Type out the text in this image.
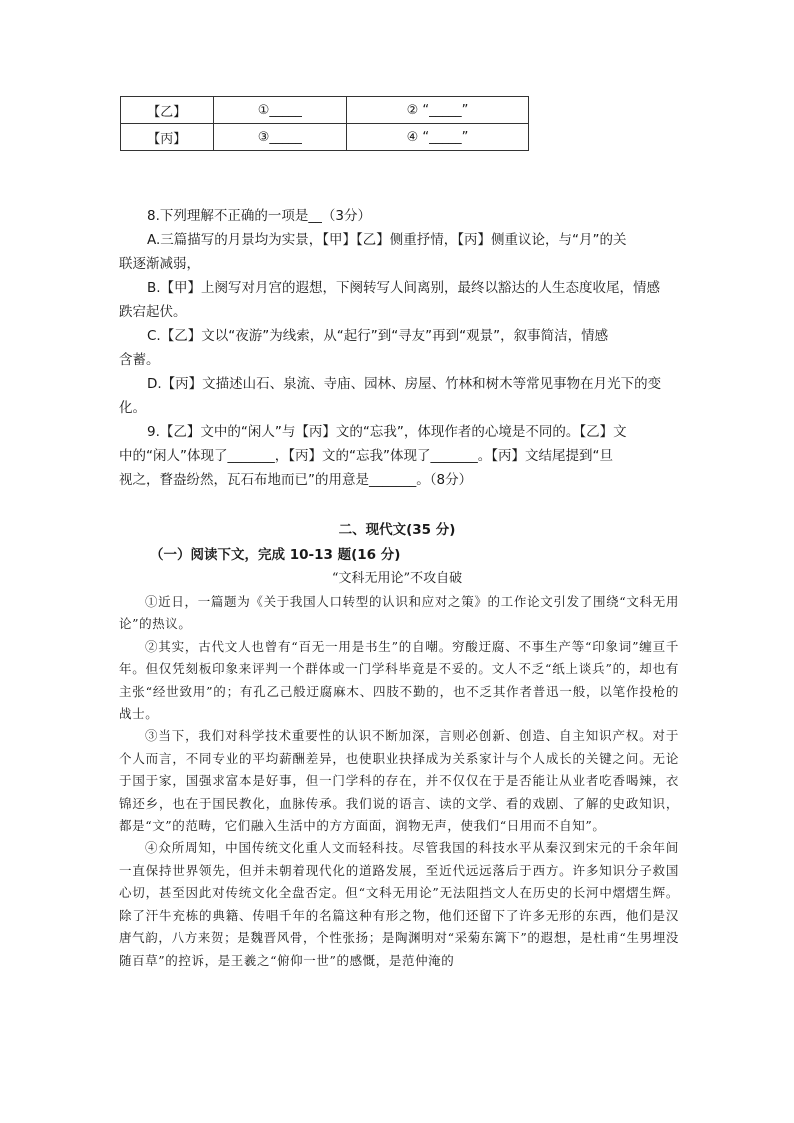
【乙】	①_____	② “_____”
【丙】	③_____	④ “_____”

8.下列理解不正确的一项是__（3分）

A.三篇描写的月景均为实景，【甲】【乙】侧重抒情，【丙】侧重议论，与“月”的关

联逐渐减弱，

B.【甲】上阕写对月宫的遐想，下阕转写人间离别，最终以豁达的人生态度收尾，情感

跌宕起伏。

C.【乙】文以“夜游”为线索，从“起行”到“寻友”再到“观景”，叙事简洁，情感

含蓄。

D.【丙】文描述山石、泉流、寺庙、园林、房屋、竹林和树木等常见事物在月光下的变

化。

9.【乙】文中的“闲人”与【丙】文的“忘我”，体现作者的心境是不同的。【乙】文

中的“闲人”体现了_______，【丙】文的“忘我”体现了_______。【丙】文结尾提到“旦

视之，瞀盎纷然，瓦石布地而已”的用意是_______。（8分）

二、现代文(35 分)
（一）阅读下文，完成 10-13 题(16 分)
“文科无用论”不攻自破

①近日，一篇题为《关于我国人口转型的认识和应对之策》的工作论文引发了围绕“文科无用论”的热议。

②其实，古代文人也曾有“百无一用是书生”的自嘲。穷酸迂腐、不事生产等“印象词”缠亘千年。但仅凭刻板印象来评判一个群体或一门学科毕竟是不妥的。文人不乏“纸上谈兵”的，却也有主张“经世致用”的；有孔乙己般迂腐麻木、四肢不勤的，也不乏其作者普迅一般，以笔作投枪的战士。

③当下，我们对科学技术重要性的认识不断加深，言则必创新、创造、自主知识产权。对于个人而言，不同专业的平均薪酬差异，也使职业抉择成为关系家计与个人成长的关键之问。无论于国于家，国强求富本是好事，但一门学科的存在，并不仅仅在于是否能让从业者吃香喝辣，衣锦还乡，也在于国民教化，血脉传承。我们说的语言、读的文学、看的戏剧、了解的史政知识，都是“文”的范畴，它们融入生活中的方方面面，润物无声，使我们“日用而不自知”。

④众所周知，中国传统文化重人文而轻科技。尽管我国的科技水平从秦汉到宋元的千余年间一直保持世界领先，但并未朝着现代化的道路发展，至近代远远落后于西方。许多知识分子救国心切，甚至因此对传统文化全盘否定。但“文科无用论”无法阻挡文人在历史的长河中熠熠生辉。除了汗牛充栋的典籍、传唱千年的名篇这种有形之物，他们还留下了许多无形的东西，他们是汉唐气韵，八方来贺；是魏晋风骨，个性张扬；是陶渊明对“采菊东篱下”的遐想，是杜甫“生男埋没随百草”的控诉，是王羲之“俯仰一世”的感慨，是范仲淹的
